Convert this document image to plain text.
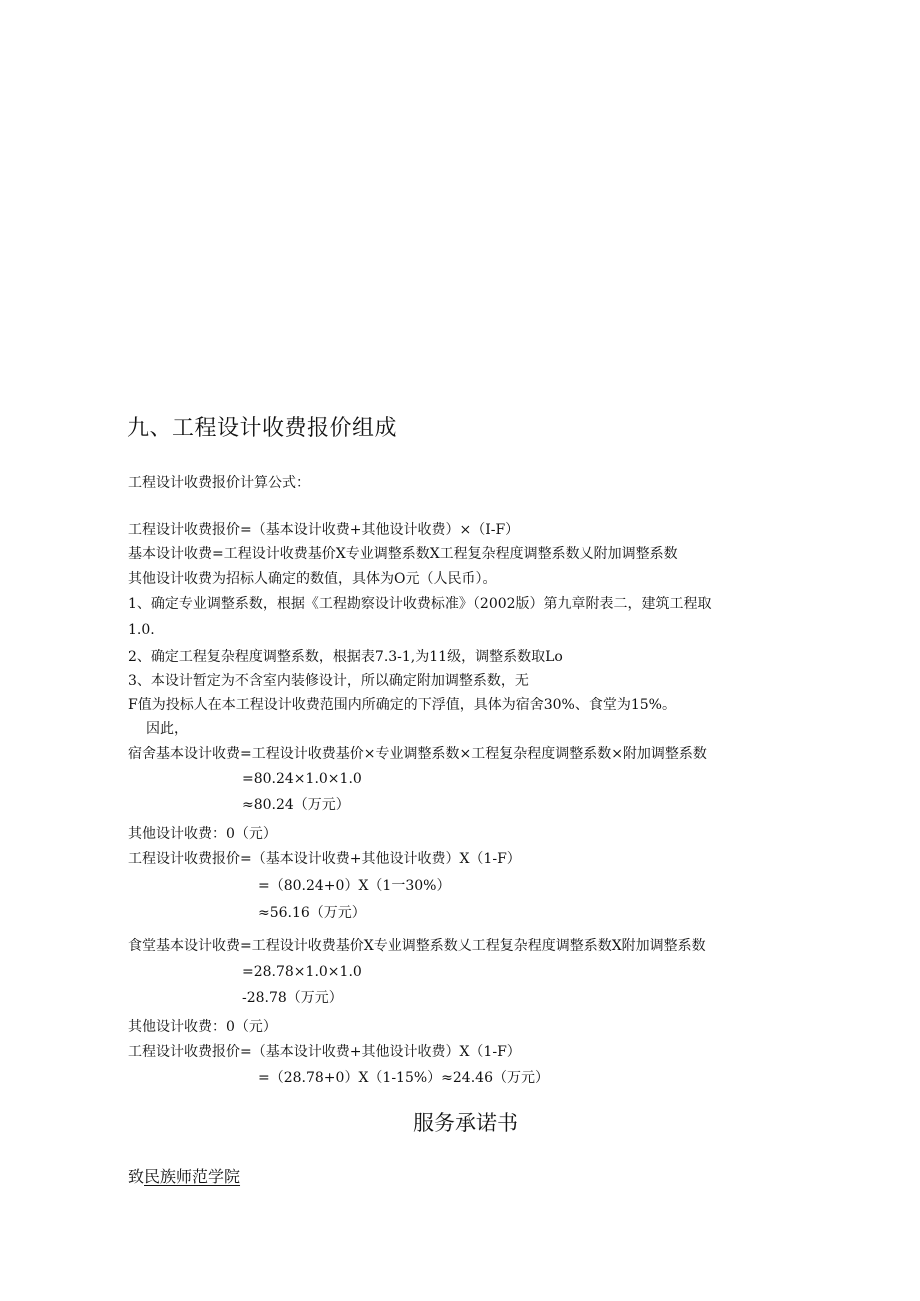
九、工程设计收费报价组成
工程设计收费报价计算公式：
工程设计收费报价=（基本设计收费+其他设计收费）×（I-F）
基本设计收费=工程设计收费基价X专业调整系数X工程复杂程度调整系数乂附加调整系数
其他设计收费为招标人确定的数值，具体为O元（人民币）。
1、确定专业调整系数，根据《工程勘察设计收费标准》（2002版）第九章附表二，建筑工程取
1.0.
2、确定工程复杂程度调整系数，根据表7.3-1,为11级，调整系数取Lo
3、本设计暂定为不含室内装修设计，所以确定附加调整系数，无
F值为投标人在本工程设计收费范围内所确定的下浮值，具体为宿舍30%、食堂为15%。
因此，
宿舍基本设计收费=工程设计收费基价×专业调整系数×工程复杂程度调整系数×附加调整系数
=80.24×1.0×1.0
≈80.24（万元）
其他设计收费：0（元）
工程设计收费报价=（基本设计收费+其他设计收费）X（1-F）
=（80.24+0）X（1一30%）
≈56.16（万元）
食堂基本设计收费=工程设计收费基价X专业调整系数乂工程复杂程度调整系数X附加调整系数
=28.78×1.0×1.0
-28.78（万元）
其他设计收费：0（元）
工程设计收费报价=（基本设计收费+其他设计收费）X（1-F）
=（28.78+0）X（1-15%）≈24.46（万元）
服务承诺书
致民族师范学院
